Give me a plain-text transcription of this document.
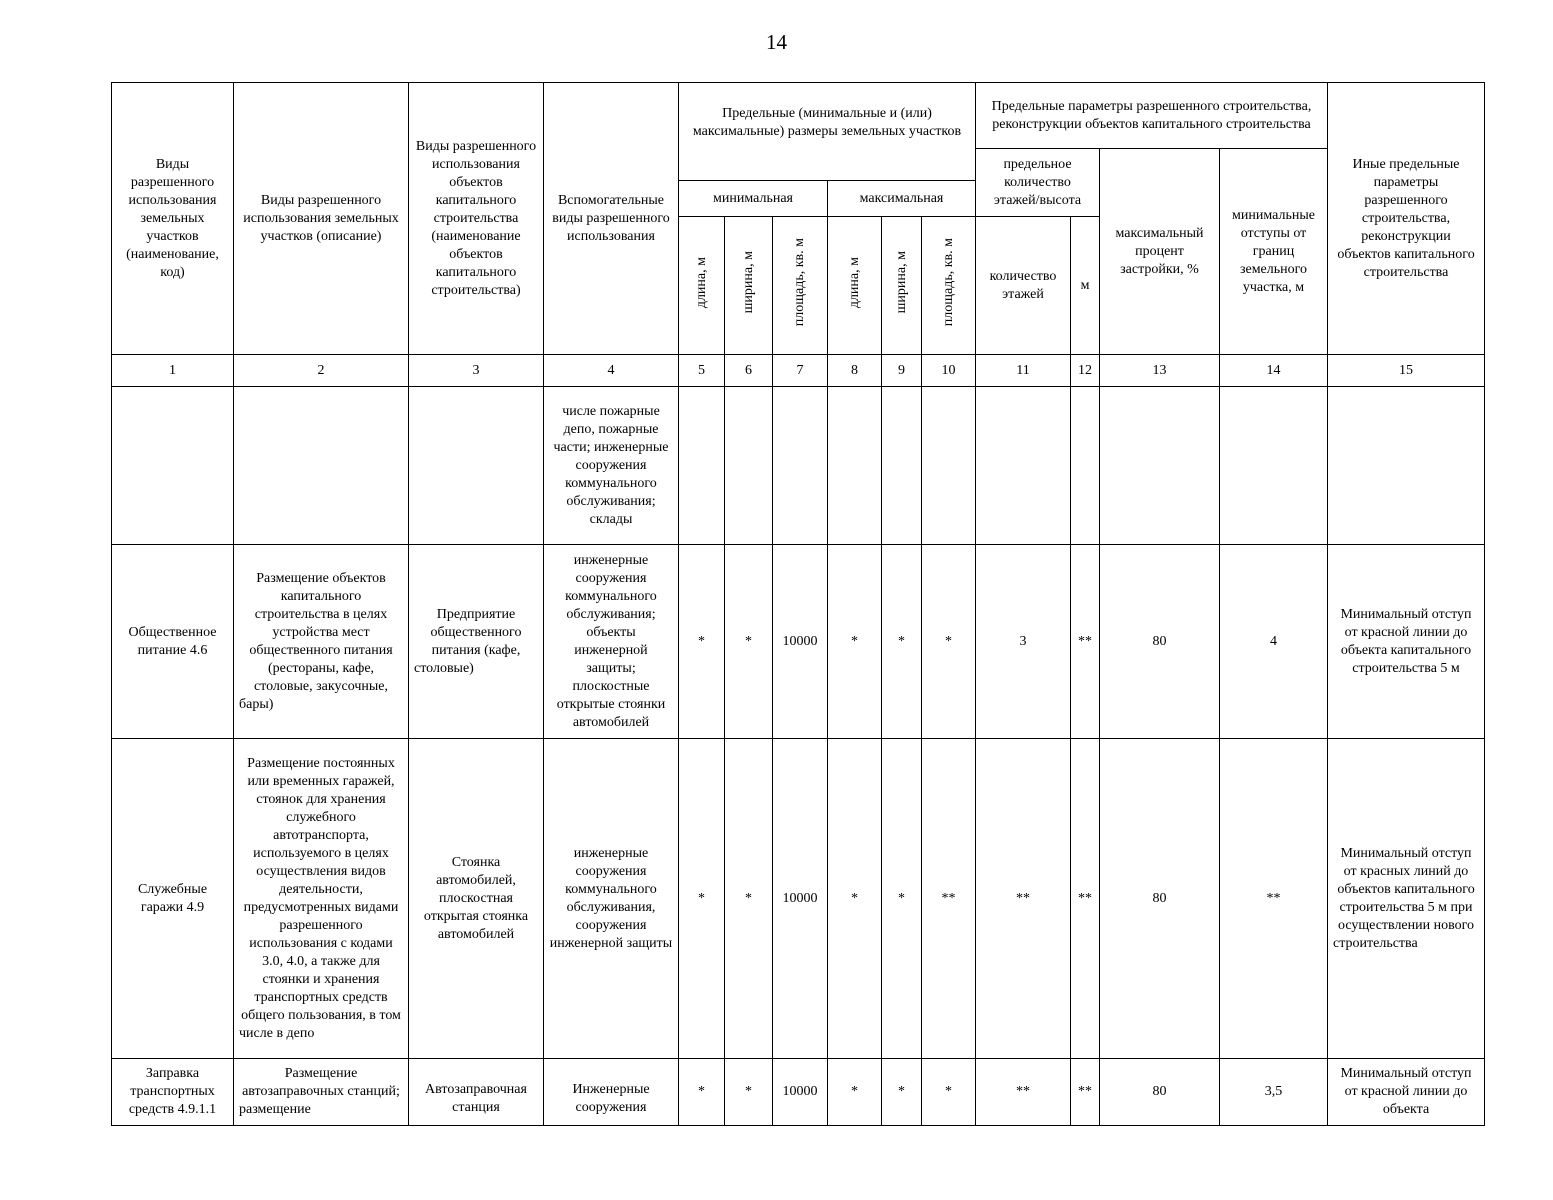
14
Виды разрешенного использования земельных участков (наименование, код)	Виды разрешенного использования земельных участков (описание)	Виды разрешенного использования объектов капитального строительства (наименование объектов капитального строительства)	Вспомогательные виды разрешенного использования	Предельные (минимальные и (или) максимальные) размеры земельных участков						Предельные параметры разрешенного строительства, реконструкции объектов капитального строительства				Иные предельные параметры разрешенного строительства, реконструкции объектов капитального строительства
										предельное количество этажей/высота		максимальный процент застройки, %	минимальные отступы от границ земельного участка, м	
				минимальная			максимальная							
				длина, м	ширина, м	площадь, кв. м	длина, м	ширина, м	площадь, кв. м	количество этажей	м			
1	2	3	4	5	6	7	8	9	10	11	12	13	14	15
			числе пожарные депо, пожарные части; инженерные сооружения коммунального обслуживания; склады											
Общественное питание 4.6	Размещение объектов капитального строительства в целях устройства мест общественного питания (рестораны, кафе, столовые, закусочные, бары)	Предприятие общественного питания (кафе, столовые)	инженерные сооружения коммунального обслуживания; объекты инженерной защиты; плоскостные открытые стоянки автомобилей	*	*	10000	*	*	*	3	**	80	4	Минимальный отступ от красной линии до объекта капитального строительства 5 м
Служебные гаражи 4.9	Размещение постоянных или временных гаражей, стоянок для хранения служебного автотранспорта, используемого в целях осуществления видов деятельности, предусмотренных видами разрешенного использования с кодами 3.0, 4.0, а также для стоянки и хранения транспортных средств общего пользования, в том числе в депо	Стоянка автомобилей, плоскостная открытая стоянка автомобилей	инженерные сооружения коммунального обслуживания, сооружения инженерной защиты	*	*	10000	*	*	**	**	**	80	**	Минимальный отступ от красных линий до объектов капитального строительства 5 м при осуществлении нового строительства
Заправка транспортных средств 4.9.1.1	Размещение автозаправочных станций; размещение	Автозаправочная станция	Инженерные сооружения	*	*	10000	*	*	*	**	**	80	3,5	Минимальный отступ от красной линии до объекта
